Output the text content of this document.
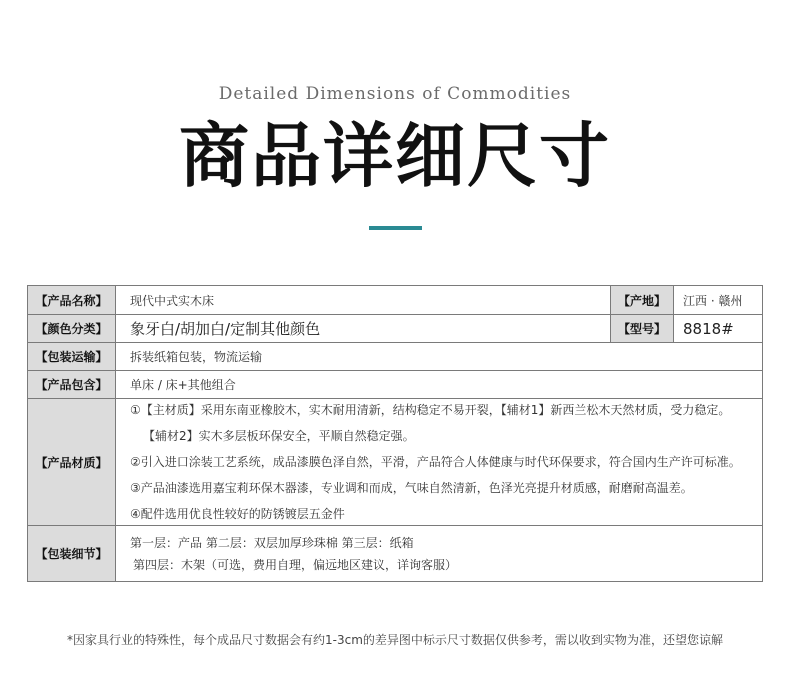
Detailed Dimensions of Commodities
商品详细尺寸
【产品名称】	现代中式实木床	【产地】	江西 · 赣州
【颜色分类】	象牙白/胡加白/定制其他颜色	【型号】	8818#
【包装运输】	拆装纸箱包装，物流运输
【产品包含】	单床 / 床+其他组合
【产品材质】
①【主材质】采用东南亚橡胶木，实木耐用清新，结构稳定不易开裂，【辅材1】新西兰松木天然材质，受力稳定。
【辅材2】实木多层板环保安全，平顺自然稳定强。
②引入进口涂装工艺系统，成品漆膜色泽自然，平滑，产品符合人体健康与时代环保要求，符合国内生产许可标准。
③产品油漆选用嘉宝莉环保木器漆，专业调和而成，气味自然清新，色泽光亮提升材质感，耐磨耐高温差。
④配件选用优良性较好的防锈镀层五金件
【包装细节】
第一层：产品 第二层：双层加厚珍珠棉 第三层：纸箱
第四层：木架（可选，费用自理，偏远地区建议，详询客服）
*因家具行业的特殊性，每个成品尺寸数据会有约1-3cm的差异图中标示尺寸数据仅供参考，需以收到实物为准，还望您谅解
